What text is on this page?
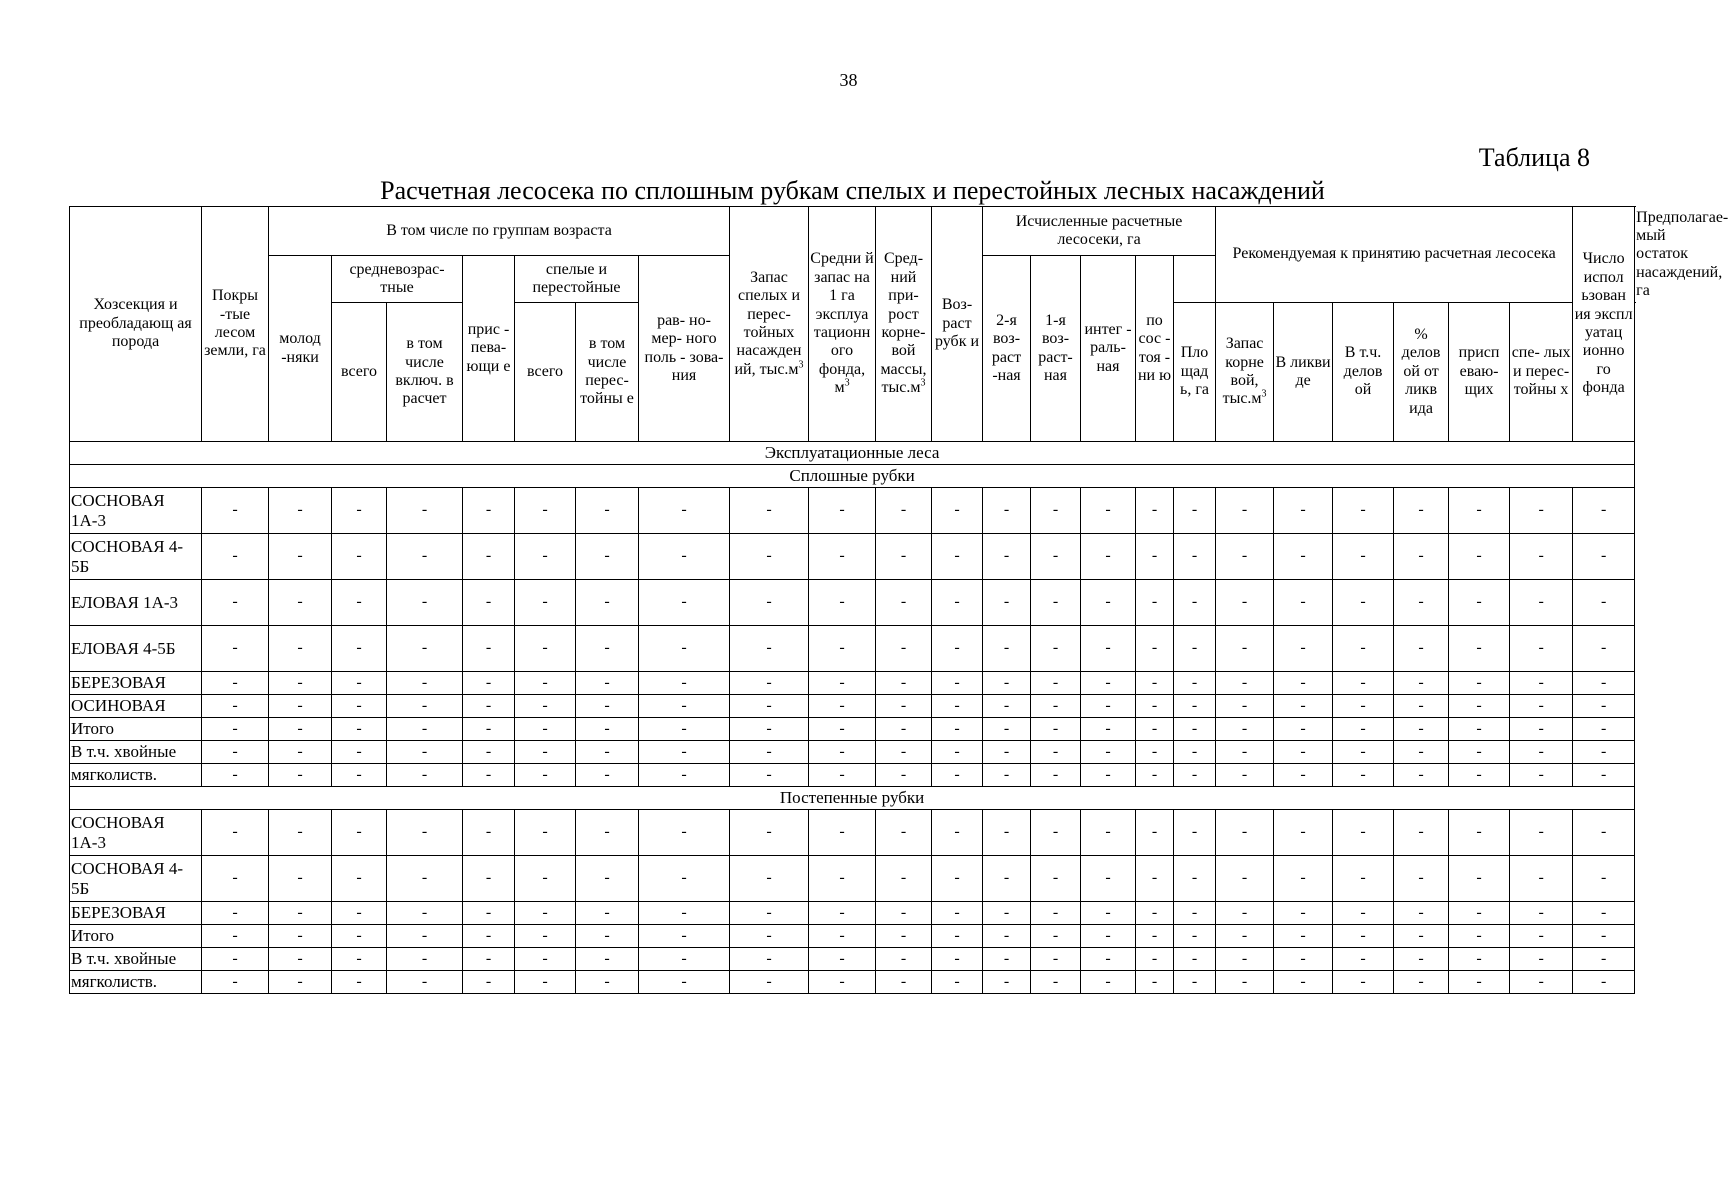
38
Таблица 8
Расчетная лесосека по сплошным рубкам спелых и перестойных лесных насаждений
Хозсекция и преобладающ ая порода	Покры -тые лесом земли, га	В том числе по группам возраста							Запас спелых и перес- тойных насажден ий, $тыс.м^3$	Средни й запас на 1 га эксплуа тационн ого фонда, $м^3$	Сред- ний при- рост корне- вой массы, $тыс.м^3$	Воз- раст рубк и	Исчисленные расчетные лесосеки, га					Рекомендуемая к принятию расчетная лесосека						Число испол ьзован ия экспл уатац ионно го фонда	Предполагае- мый остаток насаждений, га
		молод -няки	средневозрас- тные		прис - пева- ющи е	спелые и перестойные		рав- но- мер- ного поль - зова- ния					2-я воз- раст -ная	1-я воз- раст- ная	интег - раль- ная	по сос - тоя - ни ю									
			всего	в том числе включ. в расчет		всего	в том числе перес- тойны е										Пло щад ь, га	Запас корне вой, $тыс.м^3$	В ликви де	В т.ч. делов ой	% делов ой от ликв ида	присп еваю- щих	спе- лых и перес- тойны х		
Эксплуатационные леса																									
Сплошные рубки																									
СОСНОВАЯ 1А-3	-	-	-	-	-	-	-	-	-	-	-	-	-	-	-	-	-	-	-	-	-	-	-	-	
СОСНОВАЯ 4-5Б	-	-	-	-	-	-	-	-	-	-	-	-	-	-	-	-	-	-	-	-	-	-	-	-	
ЕЛОВАЯ 1А-3	-	-	-	-	-	-	-	-	-	-	-	-	-	-	-	-	-	-	-	-	-	-	-	-	
ЕЛОВАЯ 4-5Б	-	-	-	-	-	-	-	-	-	-	-	-	-	-	-	-	-	-	-	-	-	-	-	-	
БЕРЕЗОВАЯ	-	-	-	-	-	-	-	-	-	-	-	-	-	-	-	-	-	-	-	-	-	-	-	-	
ОСИНОВАЯ	-	-	-	-	-	-	-	-	-	-	-	-	-	-	-	-	-	-	-	-	-	-	-	-	
Итого	-	-	-	-	-	-	-	-	-	-	-	-	-	-	-	-	-	-	-	-	-	-	-	-	
В т.ч. хвойные	-	-	-	-	-	-	-	-	-	-	-	-	-	-	-	-	-	-	-	-	-	-	-	-	
мягколиств.	-	-	-	-	-	-	-	-	-	-	-	-	-	-	-	-	-	-	-	-	-	-	-	-	
Постепенные рубки																									
СОСНОВАЯ 1А-3	-	-	-	-	-	-	-	-	-	-	-	-	-	-	-	-	-	-	-	-	-	-	-	-	
СОСНОВАЯ 4-5Б	-	-	-	-	-	-	-	-	-	-	-	-	-	-	-	-	-	-	-	-	-	-	-	-	
БЕРЕЗОВАЯ	-	-	-	-	-	-	-	-	-	-	-	-	-	-	-	-	-	-	-	-	-	-	-	-	
Итого	-	-	-	-	-	-	-	-	-	-	-	-	-	-	-	-	-	-	-	-	-	-	-	-	
В т.ч. хвойные	-	-	-	-	-	-	-	-	-	-	-	-	-	-	-	-	-	-	-	-	-	-	-	-	
мягколиств.	-	-	-	-	-	-	-	-	-	-	-	-	-	-	-	-	-	-	-	-	-	-	-	-	
